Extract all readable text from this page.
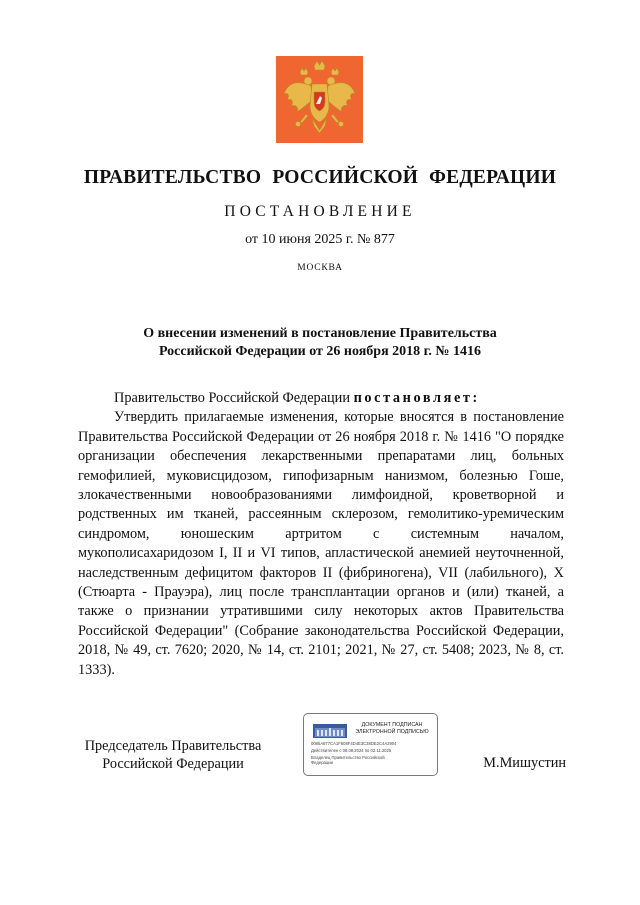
ПРАВИТЕЛЬСТВО РОССИЙСКОЙ ФЕДЕРАЦИИ
ПОСТАНОВЛЕНИЕ
от 10 июня 2025 г. № 877
МОСКВА
О внесении изменений в постановление Правительства
Российской Федерации от 26 ноября 2018 г. № 1416

Правительство Российской Федерации постановляет:

Утвердить прилагаемые изменения, которые вносятся в постановление Правительства Российской Федерации от 26 ноября 2018 г. № 1416 "О порядке организации обеспечения лекарственными препаратами лиц, больных гемофилией, муковисцидозом, гипофизарным нанизмом, болезнью Гоше, злокачественными новообразованиями лимфоидной, кроветворной и родственных им тканей, рассеянным склерозом, гемолитико-уремическим синдромом, юношеским артритом с системным началом, мукополисахаридозом I, II и VI типов, апластической анемией неуточненной, наследственным дефицитом факторов II (фибриногена), VII (лабильного), X (Стюарта - Прауэра), лиц после трансплантации органов и (или) тканей, а также о признании утратившими силу некоторых актов Правительства Российской Федерации" (Собрание законодательства Российской Федерации, 2018, № 49, ст. 7620; 2020, № 14, ст. 2101; 2021, № 27, ст. 5408; 2023, № 8, ст. 1333).

Председатель Правительства
Российской Федерации
ДОКУМЕНТ ПОДПИСАН
ЭЛЕКТРОННОЙ ПОДПИСЬЮ
0085A877CA1F608F4D4E3C38DE2C4A2904
Действителен с 08.08.2024 по 02.11.2025
Владелец Правительство Российской
Федерации	М.Мишустин
